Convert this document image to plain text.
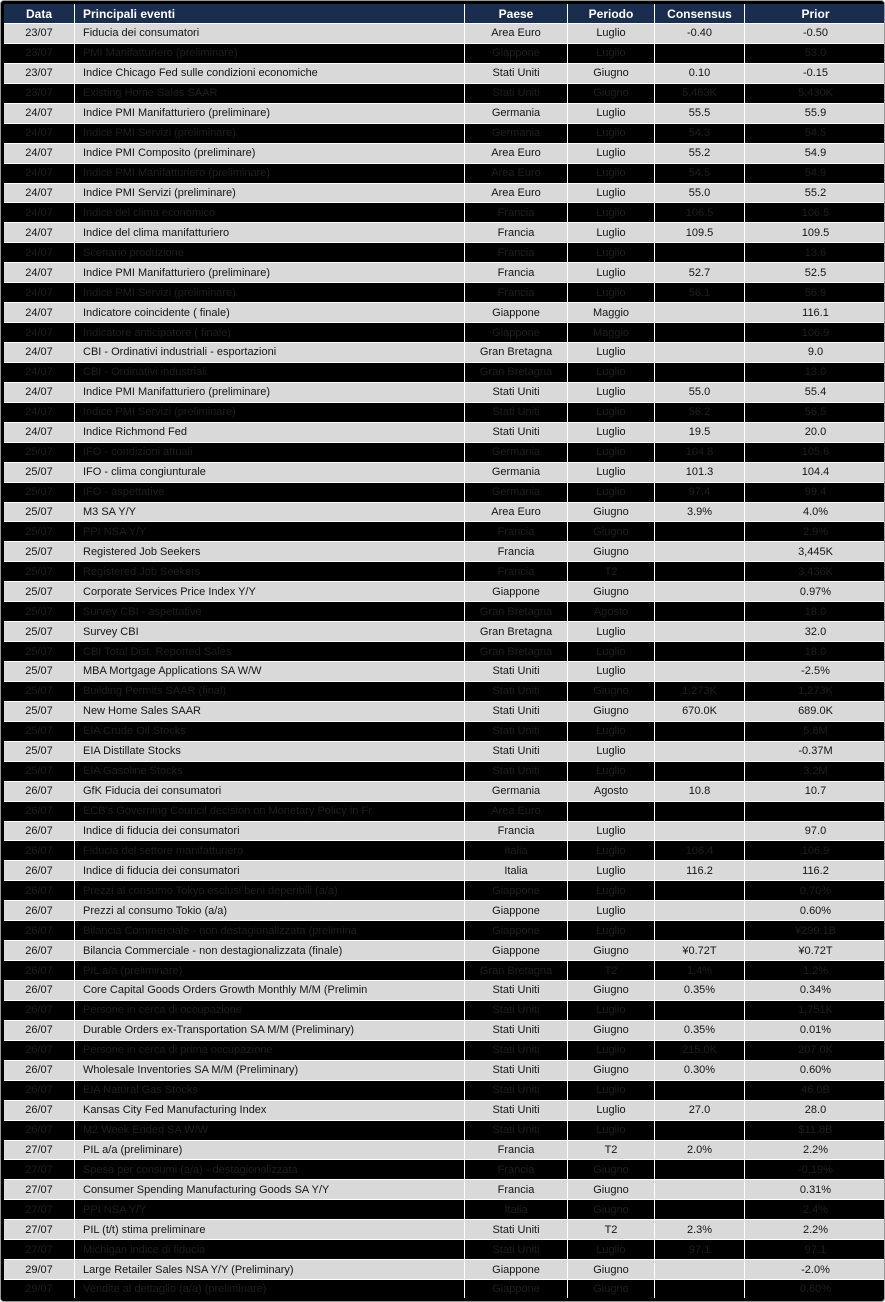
Data	Principali eventi	Paese	Periodo	Consensus	Prior
23/07	Fiducia dei consumatori	Area Euro	Luglio	-0.40	-0.50
23/07	PMI Manifatturiero (preliminare)	Giappone	Luglio		53.0
23/07	Indice Chicago Fed sulle condizioni economiche	Stati Uniti	Giugno	0.10	-0.15
23/07	Existing Home Sales SAAR	Stati Uniti	Giugno	5,463K	5,430K
24/07	Indice PMI Manifatturiero (preliminare)	Germania	Luglio	55.5	55.9
24/07	Indice PMI Servizi (preliminare)	Germania	Luglio	54.3	54.5
24/07	Indice PMI Composito (preliminare)	Area Euro	Luglio	55.2	54.9
24/07	Indice PMI Manifatturiero (preliminare)	Area Euro	Luglio	54.5	54.9
24/07	Indice PMI Servizi (preliminare)	Area Euro	Luglio	55.0	55.2
24/07	Indice del clima economico	Francia	Luglio	106.5	106.5
24/07	Indice del clima manifatturiero	Francia	Luglio	109.5	109.5
24/07	Scenario produzione	Francia	Luglio		13.6
24/07	Indice PMI Manifatturiero (preliminare)	Francia	Luglio	52.7	52.5
24/07	Indice PMI Servizi (preliminare)	Francia	Luglio	56.1	56.9
24/07	Indicatore coincidente ( finale)	Giappone	Maggio		116.1
24/07	Indicatore anticipatore ( finale)	Giappone	Maggio		106.9
24/07	CBI - Ordinativi industriali - esportazioni	Gran Bretagna	Luglio		9.0
24/07	CBI - Ordinativi industriali	Gran Bretagna	Luglio		13.0
24/07	Indice PMI Manifatturiero (preliminare)	Stati Uniti	Luglio	55.0	55.4
24/07	Indice PMI Servizi (preliminare)	Stati Uniti	Luglio	56.2	56.5
24/07	Indice Richmond Fed	Stati Uniti	Luglio	19.5	20.0
25/07	IFO - condizioni attuali	Germania	Luglio	104.8	105.6
25/07	IFO - clima congiunturale	Germania	Luglio	101.3	104.4
25/07	IFO - aspettative	Germania	Luglio	97.4	99.4
25/07	M3 SA Y/Y	Area Euro	Giugno	3.9%	4.0%
25/07	PPI NSA Y/Y	Francia	Giugno		2.9%
25/07	Registered Job Seekers	Francia	Giugno		3,445K
25/07	Registered Job Seekers	Francia	T2		3,436K
25/07	Corporate Services Price Index Y/Y	Giappone	Giugno		0.97%
25/07	Survey CBI - aspettative	Gran Bretagna	Agosto		18.0
25/07	Survey CBI	Gran Bretagna	Luglio		32.0
25/07	CBI Total Dist. Reported Sales	Gran Bretagna	Luglio		18.0
25/07	MBA Mortgage Applications SA W/W	Stati Uniti	Luglio		-2.5%
25/07	Building Permits SAAR (final)	Stati Uniti	Giugno	1,273K	1,273K
25/07	New Home Sales SAAR	Stati Uniti	Giugno	670.0K	689.0K
25/07	EIA Crude Oil Stocks	Stati Uniti	Luglio		5.8M
25/07	EIA Distillate Stocks	Stati Uniti	Luglio		-0.37M
25/07	EIA Gasoline Stocks	Stati Uniti	Luglio		3.2M
26/07	GfK Fiducia dei consumatori	Germania	Agosto	10.8	10.7
26/07	ECB's Governing Council decision on Monetary Policy in Fr	Area Euro			
26/07	Indice di fiducia dei consumatori	Francia	Luglio		97.0
26/07	Fiducia del settore manifatturiero	Italia	Luglio	106.4	106.9
26/07	Indice di fiducia dei consumatori	Italia	Luglio	116.2	116.2
26/07	Prezzi al consumo Tokyo esclusi beni deperibili (a/a)	Giappone	Luglio		0.70%
26/07	Prezzi al consumo Tokio (a/a)	Giappone	Luglio		0.60%
26/07	Bilancia Commerciale - non destagionalizzata (prelimina	Giappone	Luglio		¥299.1B
26/07	Bilancia Commerciale - non destagionalizzata (finale)	Giappone	Giugno	¥0.72T	¥0.72T
26/07	PIL a/a (preliminare)	Gran Bretagna	T2	1.4%	1.2%
26/07	Core Capital Goods Orders Growth Monthly M/M (Prelimin	Stati Uniti	Giugno	0.35%	0.34%
26/07	Persone in cerca di occupazione	Stati Uniti	Luglio		1,751K
26/07	Durable Orders ex-Transportation SA M/M (Preliminary)	Stati Uniti	Giugno	0.35%	0.01%
26/07	Persone in cerca di prima occupazione	Stati Uniti	Luglio	215.0K	207.0K
26/07	Wholesale Inventories SA M/M (Preliminary)	Stati Uniti	Giugno	0.30%	0.60%
26/07	EIA Natural Gas Stocks	Stati Uniti	Luglio		46.0B
26/07	Kansas City Fed Manufacturing Index	Stati Uniti	Luglio	27.0	28.0
26/07	M2 Week Ended SA W/W	Stati Uniti	Luglio		$11.8B
27/07	PIL a/a (preliminare)	Francia	T2	2.0%	2.2%
27/07	Spesa per consumi (a/a) - destagionalizzata	Francia	Giugno		-0.19%
27/07	Consumer Spending Manufacturing Goods SA Y/Y	Francia	Giugno		0.31%
27/07	PPI NSA Y/Y	Italia	Giugno		2.4%
27/07	PIL (t/t) stima preliminare	Stati Uniti	T2	2.3%	2.2%
27/07	Michigan indice di fiducia	Stati Uniti	Luglio	97.1	97.1
29/07	Large Retailer Sales NSA Y/Y (Preliminary)	Giappone	Giugno		-2.0%
29/07	Vendite al dettaglio (a/a) (preliminare)	Giappone	Giugno		0.60%
